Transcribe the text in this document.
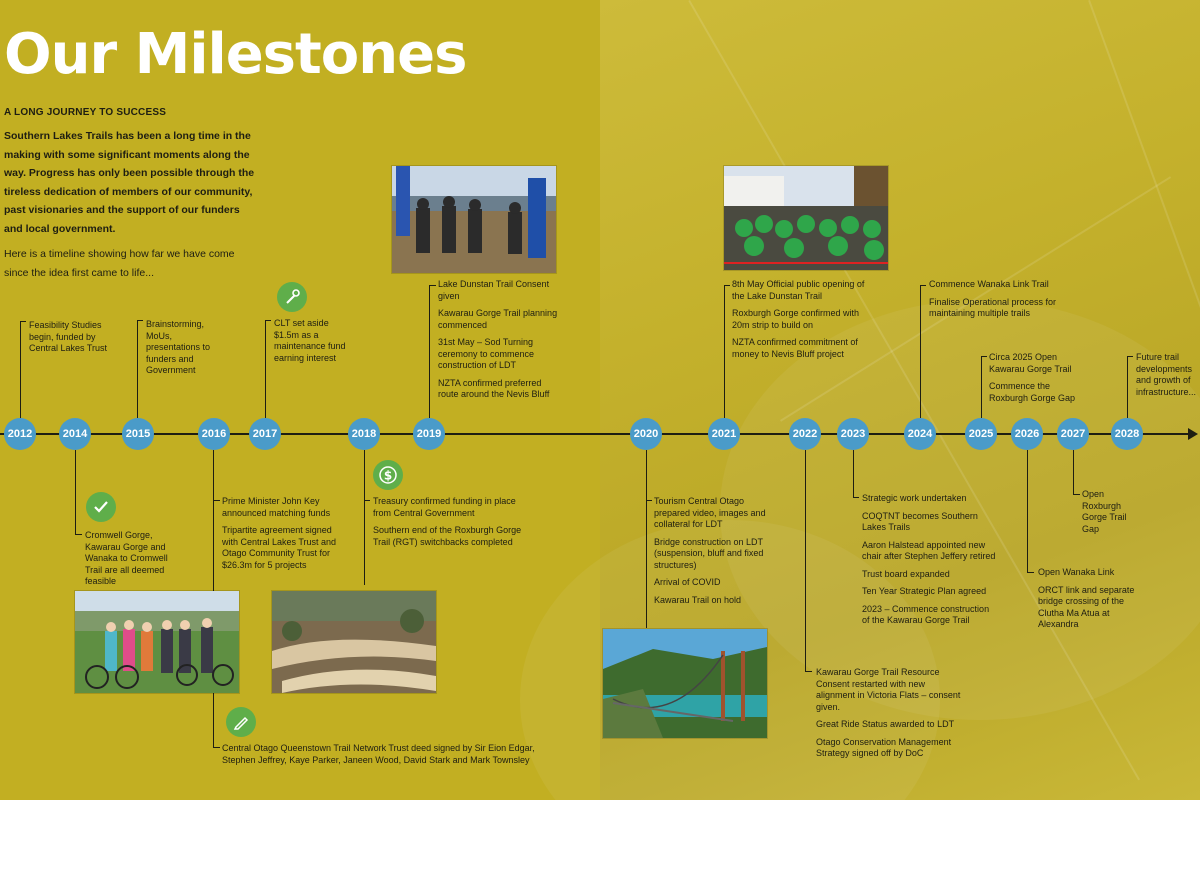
Our Milestones
A LONG JOURNEY TO SUCCESS
Southern Lakes Trails has been a long time in the making with some significant moments along the way. Progress has only been possible through the tireless dedication of members of our community, past visionaries and the support of our funders and local government.
Here is a timeline showing how far we have come since the idea first came to life...
2012	2014	2015	2016	2017	2018	2019	2020	2021	2022	2023	2024	2025	2026	2027	2028

Feasibility Studies begin, funded by Central Lakes Trust

Cromwell Gorge, Kawarau Gorge and Wanaka to Cromwell Trail are all deemed feasible

Brainstorming, MoUs, presentations to funders and Government

Prime Minister John Key announced matching funds

Tripartite agreement signed with Central Lakes Trust and Otago Community Trust for $26.3m for 5 projects

Central Otago Queenstown Trail Network Trust deed signed by Sir Eion Edgar, Stephen Jeffrey, Kaye Parker, Janeen Wood, David Stark and Mark Townsley

CLT set aside $1.5m as a maintenance fund earning interest

Treasury confirmed funding in place from Central Government

Southern end of the Roxburgh Gorge Trail (RGT) switchbacks completed

Lake Dunstan Trail Consent given

Kawarau Gorge Trail planning commenced

31st May – Sod Turning ceremony to commence construction of LDT

NZTA confirmed preferred route around the Nevis Bluff

Tourism Central Otago prepared video, images and collateral for LDT

Bridge construction on LDT (suspension, bluff and fixed structures)

Arrival of COVID

Kawarau Trail on hold

8th May Official public opening of the Lake Dunstan Trail

Roxburgh Gorge confirmed with 20m strip to build on

NZTA confirmed commitment of money to Nevis Bluff project

Kawarau Gorge Trail Resource Consent restarted with new alignment in Victoria Flats – consent given.

Great Ride Status awarded to LDT

Otago Conservation Management Strategy signed off by DoC

Strategic work undertaken

COQTNT becomes Southern Lakes Trails

Aaron Halstead appointed new chair after Stephen Jeffery retired

Trust board expanded

Ten Year Strategic Plan agreed

2023 – Commence construction of the Kawarau Gorge Trail

Commence Wanaka Link Trail

Finalise Operational process for maintaining multiple trails

Circa 2025 Open Kawarau Gorge Trail

Commence the Roxburgh Gorge Gap

Open Wanaka Link

ORCT link and separate bridge crossing of the Clutha Ma Atua at Alexandra

Open Roxburgh Gorge Trail Gap

Future trail developments and growth of infrastructure...

$
